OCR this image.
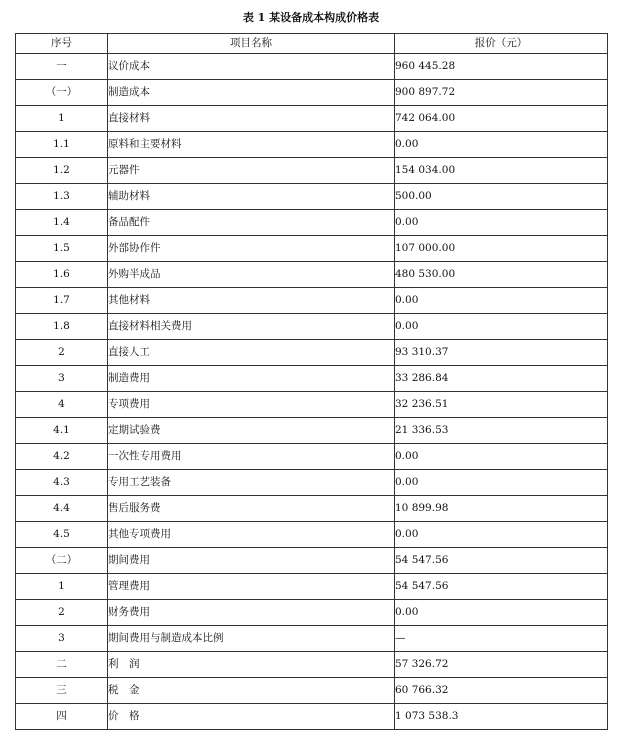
表 1 某设备成本构成价格表
序号	项目名称	报价（元）
一	议价成本	960 445.28
（一）	制造成本	900 897.72
1	直接材料	742 064.00
1.1	原料和主要材料	0.00
1.2	元器件	154 034.00
1.3	辅助材料	500.00
1.4	备品配件	0.00
1.5	外部协作件	107 000.00
1.6	外购半成品	480 530.00
1.7	其他材料	0.00
1.8	直接材料相关费用	0.00
2	直接人工	93 310.37
3	制造费用	33 286.84
4	专项费用	32 236.51
4.1	定期试验费	21 336.53
4.2	一次性专用费用	0.00
4.3	专用工艺装备	0.00
4.4	售后服务费	10 899.98
4.5	其他专项费用	0.00
（二）	期间费用	54 547.56
1	管理费用	54 547.56
2	财务费用	0.00
3	期间费用与制造成本比例	—
二	利　润	57 326.72
三	税　金	60 766.32
四	价　格	1 073 538.3
